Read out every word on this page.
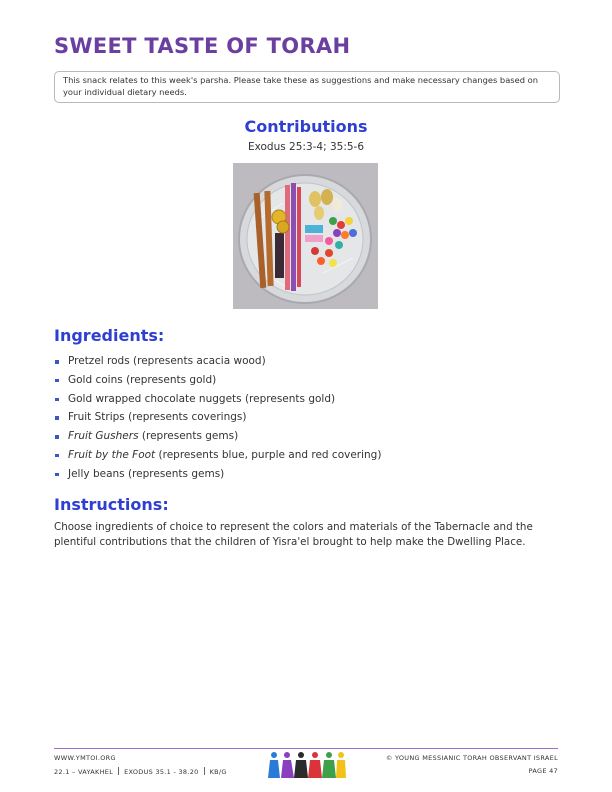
SWEET TASTE OF TORAH
This snack relates to this week's parsha. Please take these as suggestions and make necessary changes based on your individual dietary needs.
Contributions
Exodus 25:3-4; 35:5-6
Ingredients:
Pretzel rods (represents acacia wood)
Gold coins (represents gold)
Gold wrapped chocolate nuggets (represents gold)
Fruit Strips (represents coverings)
Fruit Gushers (represents gems)
Fruit by the Foot (represents blue, purple and red covering)
Jelly beans (represents gems)
Instructions:
Choose ingredients of choice to represent the colors and materials of the Tabernacle and the plentiful contributions that the children of Yisra'el brought to help make the Dwelling Place.
WWW.YMTOI.ORG
22.1 – VAYAKHEL EXODUS 35.1 - 38.20 KB/G
© YOUNG MESSIANIC TORAH OBSERVANT ISRAEL
PAGE 47
